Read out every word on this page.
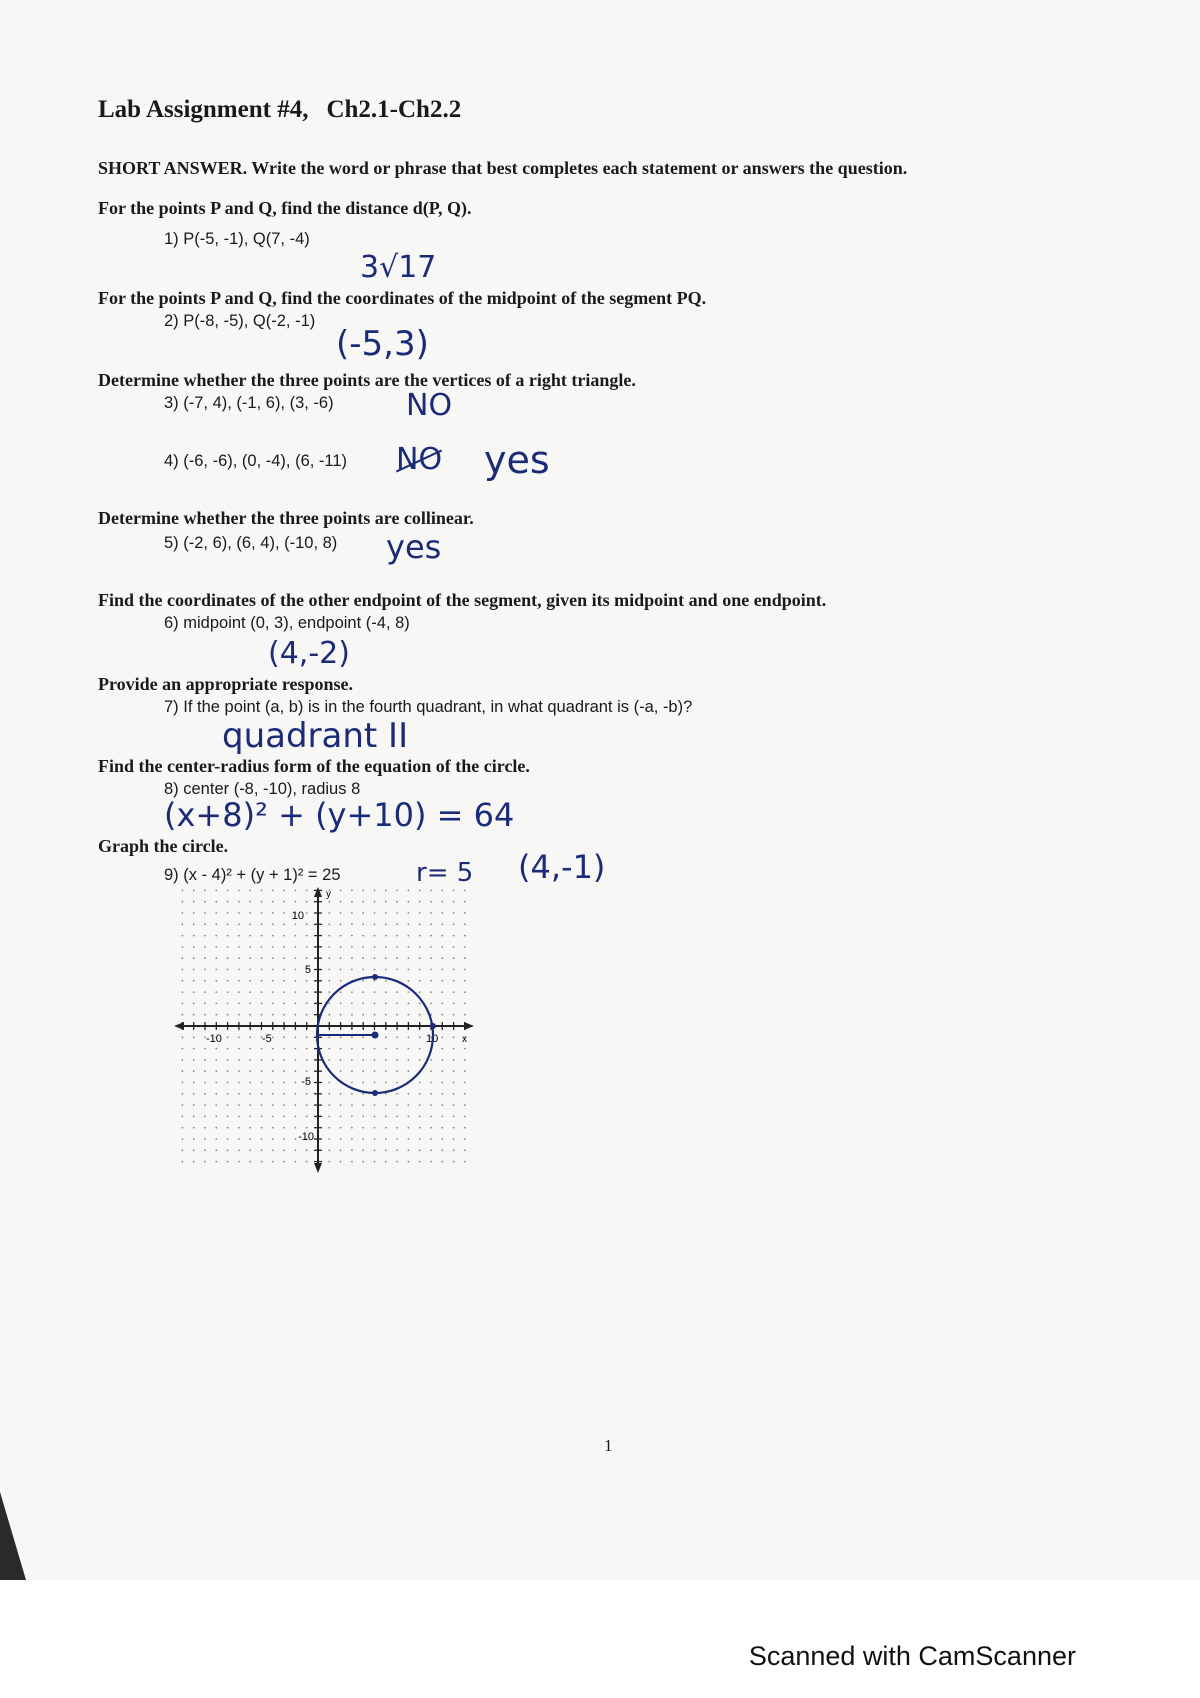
Lab Assignment #4, Ch2.1-Ch2.2
SHORT ANSWER. Write the word or phrase that best completes each statement or answers the question.
For the points P and Q, find the distance d(P, Q).
1) P(-5, -1), Q(7, -4)
3√17
For the points P and Q, find the coordinates of the midpoint of the segment PQ.
2) P(-8, -5), Q(-2, -1)
(-5,3)
Determine whether the three points are the vertices of a right triangle.
3) (-7, 4), (-1, 6), (3, -6) NO
4) (-6, -6), (0, -4), (6, -11) NO yes
Determine whether the three points are collinear.
5) (-2, 6), (6, 4), (-10, 8) yes
Find the coordinates of the other endpoint of the segment, given its midpoint and one endpoint.
6) midpoint (0, 3), endpoint (-4, 8)
(4,-2)
Provide an appropriate response.
7) If the point (a, b) is in the fourth quadrant, in what quadrant is (-a, -b)?
quadrant II
Find the center-radius form of the equation of the circle.
8) center (-8, -10), radius 8
(x+8)² + (y+10) = 64
Graph the circle.
9) (x - 4)² + (y + 1)² = 25	r= 5 (4,-1)
-10	-5	10 x
y
10
5
-5
-10
1
Scanned with CamScanner
